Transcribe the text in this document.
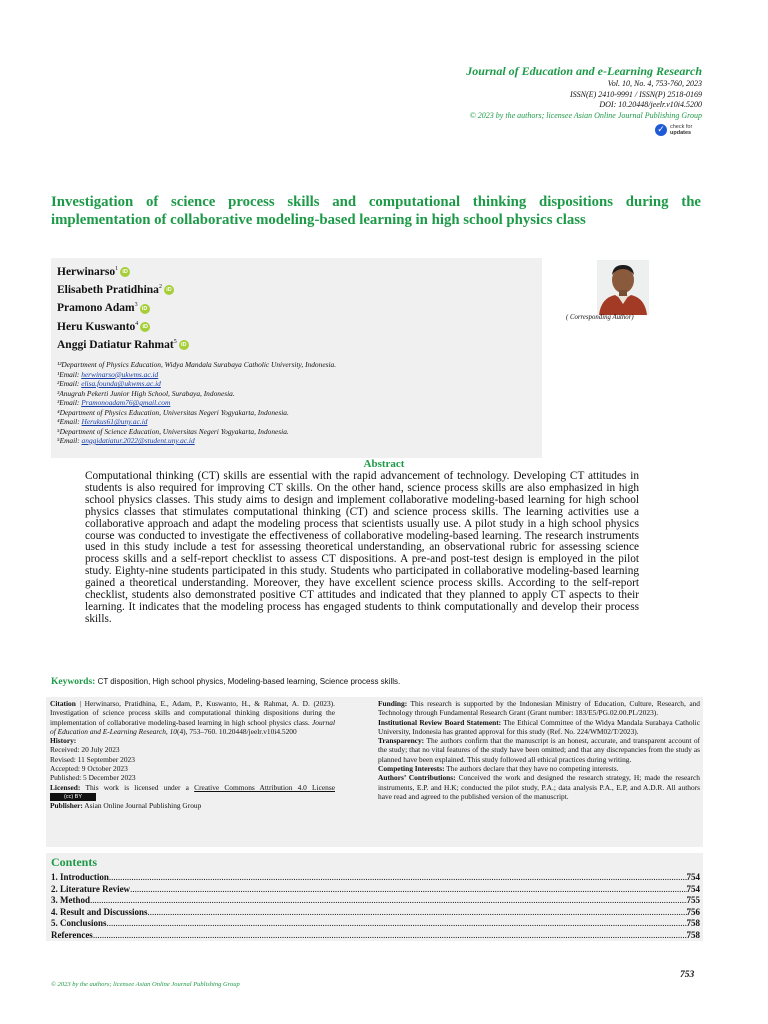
Journal of Education and e-Learning Research
Vol. 10, No. 4, 753-760, 2023
ISSN(E) 2410-9991 / ISSN(P) 2518-0169
DOI: 10.20448/jeelr.v10i4.5200
© 2023 by the authors; licensee Asian Online Journal Publishing Group
✓ check for
updates
Investigation of science process skills and computational thinking dispositions during the implementation of collaborative modeling-based learning in high school physics class
Herwinarso$^1$iD
Elisabeth Pratidhina$^2$iD
Pramono Adam$^3$iD
Heru Kuswanto$^4$iD
Anggi Datiatur Rahmat$^5$iD
¹²Department of Physics Education, Widya Mandala Surabaya Catholic University, Indonesia.
¹Email: herwinarso@ukwms.ac.id
²Email: elisa.founda@ukwms.ac.id
³Anugrah Pekerti Junior High School, Surabaya, Indonesia.
³Email: Pramonoadam76@gmail.com
⁴Department of Physics Education, Universitas Negeri Yogyakarta, Indonesia.
⁴Email: Herukus61@uny.ac.id
⁵Department of Science Education, Universitas Negeri Yogyakarta, Indonesia.
⁵Email: anggidatiatur.2022@student.uny.ac.id
( Corresponding Author)
Abstract

Computational thinking (CT) skills are essential with the rapid advancement of technology. Developing CT attitudes in students is also required for improving CT skills. On the other hand, science process skills are also emphasized in high school physics classes. This study aims to design and implement collaborative modeling-based learning for high school physics classes that stimulates computational thinking (CT) and science process skills. The learning activities use a collaborative approach and adapt the modeling process that scientists usually use. A pilot study in a high school physics course was conducted to investigate the effectiveness of collaborative modeling-based learning. The research instruments used in this study include a test for assessing theoretical understanding, an observational rubric for assessing science process skills and a self-report checklist to assess CT dispositions. A pre-and post-test design is employed in the pilot study. Eighty-nine students participated in this study. Students who participated in collaborative modeling-based learning gained a theoretical understanding. Moreover, they have excellent science process skills. According to the self-report checklist, students also demonstrated positive CT attitudes and indicated that they planned to apply CT aspects to their learning. It indicates that the modeling process has engaged students to think computationally and develop their process skills.

Keywords: CT disposition, High school physics, Modeling-based learning, Science process skills.
Citation | Herwinarso, Pratidhina, E., Adam, P., Kuswanto, H., & Rahmat, A. D. (2023). Investigation of science process skills and computational thinking dispositions during the implementation of collaborative modeling-based learning in high school physics class. Journal of Education and E-Learning Research, 10(4), 753–760. 10.20448/jeelr.v10i4.5200
History:
Received: 20 July 2023
Revised: 11 September 2023
Accepted: 9 October 2023
Published: 5 December 2023
Licensed: This work is licensed under a Creative Commons Attribution 4.0 License (cc) BY
Publisher: Asian Online Journal Publishing Group
Funding: This research is supported by the Indonesian Ministry of Education, Culture, Research, and Technology through Fundamental Research Grant (Grant number: 183/E5/PG.02.00.PL/2023).
Institutional Review Board Statement: The Ethical Committee of the Widya Mandala Surabaya Catholic University, Indonesia has granted approval for this study (Ref. No. 224/WM02/T/2023).
Transparency: The authors confirm that the manuscript is an honest, accurate, and transparent account of the study; that no vital features of the study have been omitted; and that any discrepancies from the study as planned have been explained. This study followed all ethical practices during writing.
Competing Interests: The authors declare that they have no competing interests.
Authors’ Contributions: Conceived the work and designed the research strategy, H; made the research instruments, E.P. and H.K; conducted the pilot study, P.A.; data analysis P.A., E.P, and A.D.R. All authors have read and agreed to the published version of the manuscript.
Contents
1. Introduction .....	754
2. Literature Review .....	754
3. Method .....	755
4. Result and Discussions .....	756
5. Conclusions .....	758
References .....	758
753
© 2023 by the authors; licensee Asian Online Journal Publishing Group
